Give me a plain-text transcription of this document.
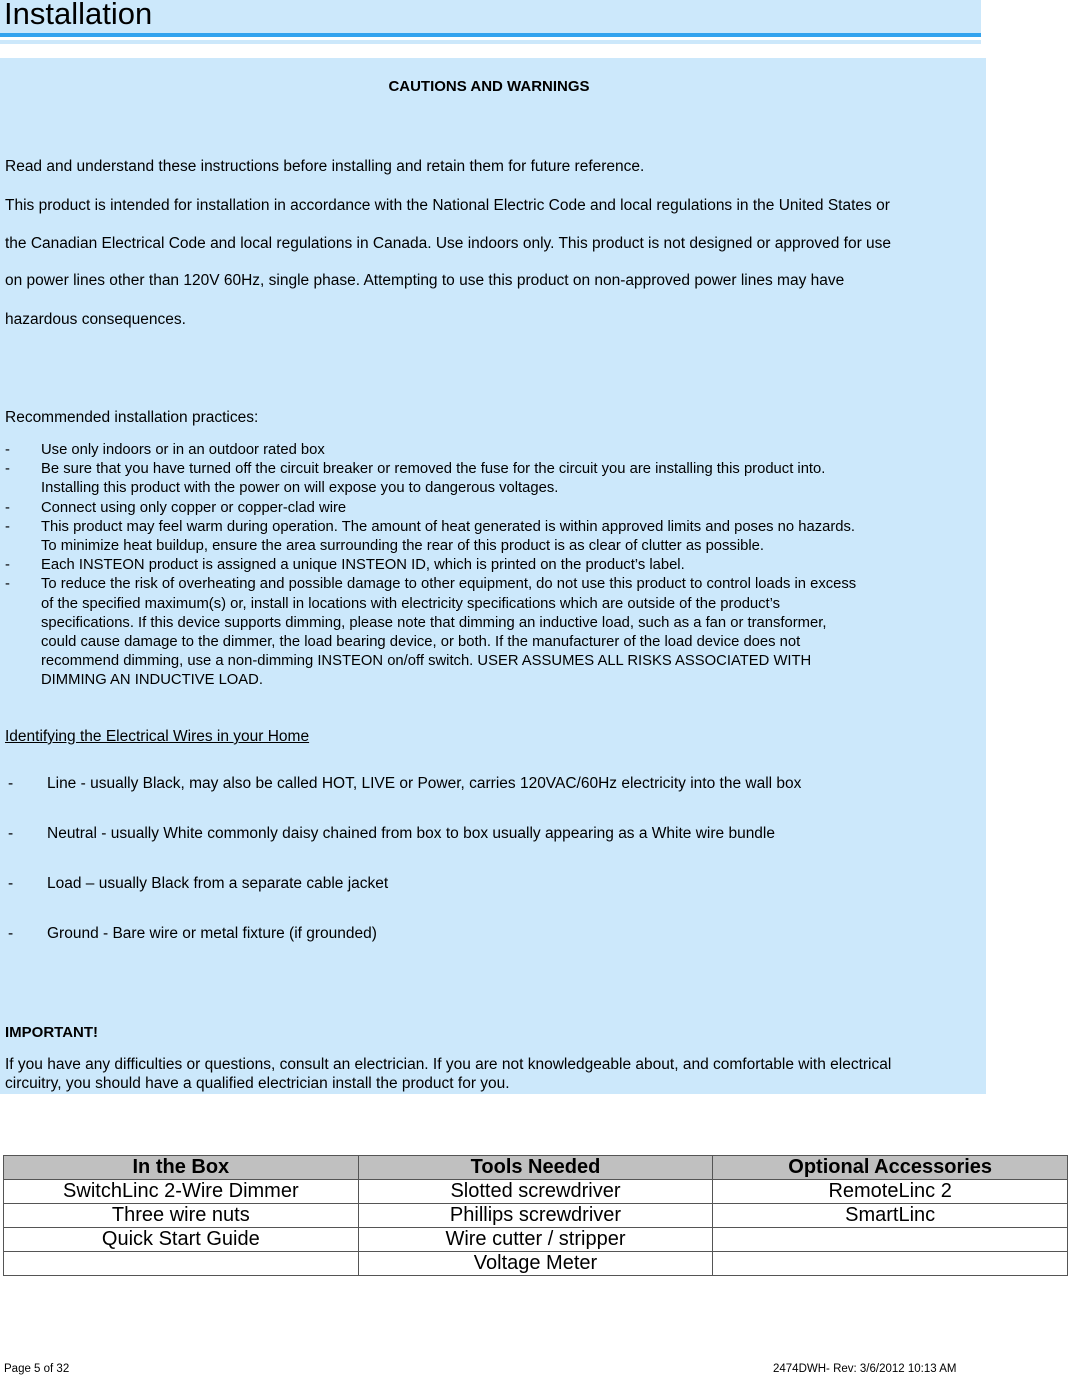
Installation
CAUTIONS AND WARNINGS
Read and understand these instructions before installing and retain them for future reference.
This product is intended for installation in accordance with the National Electric Code and local regulations in the United States or
the Canadian Electrical Code and local regulations in Canada. Use indoors only. This product is not designed or approved for use
on power lines other than 120V 60Hz, single phase. Attempting to use this product on non-approved power lines may have
hazardous consequences.
Recommended installation practices:
- Use only indoors or in an outdoor rated box
- Be sure that you have turned off the circuit breaker or removed the fuse for the circuit you are installing this product into.
Installing this product with the power on will expose you to dangerous voltages.
- Connect using only copper or copper-clad wire
- This product may feel warm during operation. The amount of heat generated is within approved limits and poses no hazards.
To minimize heat buildup, ensure the area surrounding the rear of this product is as clear of clutter as possible.
- Each INSTEON product is assigned a unique INSTEON ID, which is printed on the product’s label.
- To reduce the risk of overheating and possible damage to other equipment, do not use this product to control loads in excess
of the specified maximum(s) or, install in locations with electricity specifications which are outside of the product’s
specifications. If this device supports dimming, please note that dimming an inductive load, such as a fan or transformer,
could cause damage to the dimmer, the load bearing device, or both. If the manufacturer of the load device does not
recommend dimming, use a non-dimming INSTEON on/off switch. USER ASSUMES ALL RISKS ASSOCIATED WITH
DIMMING AN INDUCTIVE LOAD.
Identifying the Electrical Wires in your Home
- Line - usually Black, may also be called HOT, LIVE or Power, carries 120VAC/60Hz electricity into the wall box
- Neutral - usually White commonly daisy chained from box to box usually appearing as a White wire bundle
- Load – usually Black from a separate cable jacket
- Ground - Bare wire or metal fixture (if grounded)
IMPORTANT!
If you have any difficulties or questions, consult an electrician. If you are not knowledgeable about, and comfortable with electrical
circuitry, you should have a qualified electrician install the product for you.
In the Box	Tools Needed	Optional Accessories
SwitchLinc 2-Wire Dimmer	Slotted screwdriver	RemoteLinc 2
Three wire nuts	Phillips screwdriver	SmartLinc
Quick Start Guide	Wire cutter / stripper	
	Voltage Meter	
Page 5 of 32	2474DWH- Rev: 3/6/2012 10:13 AM
